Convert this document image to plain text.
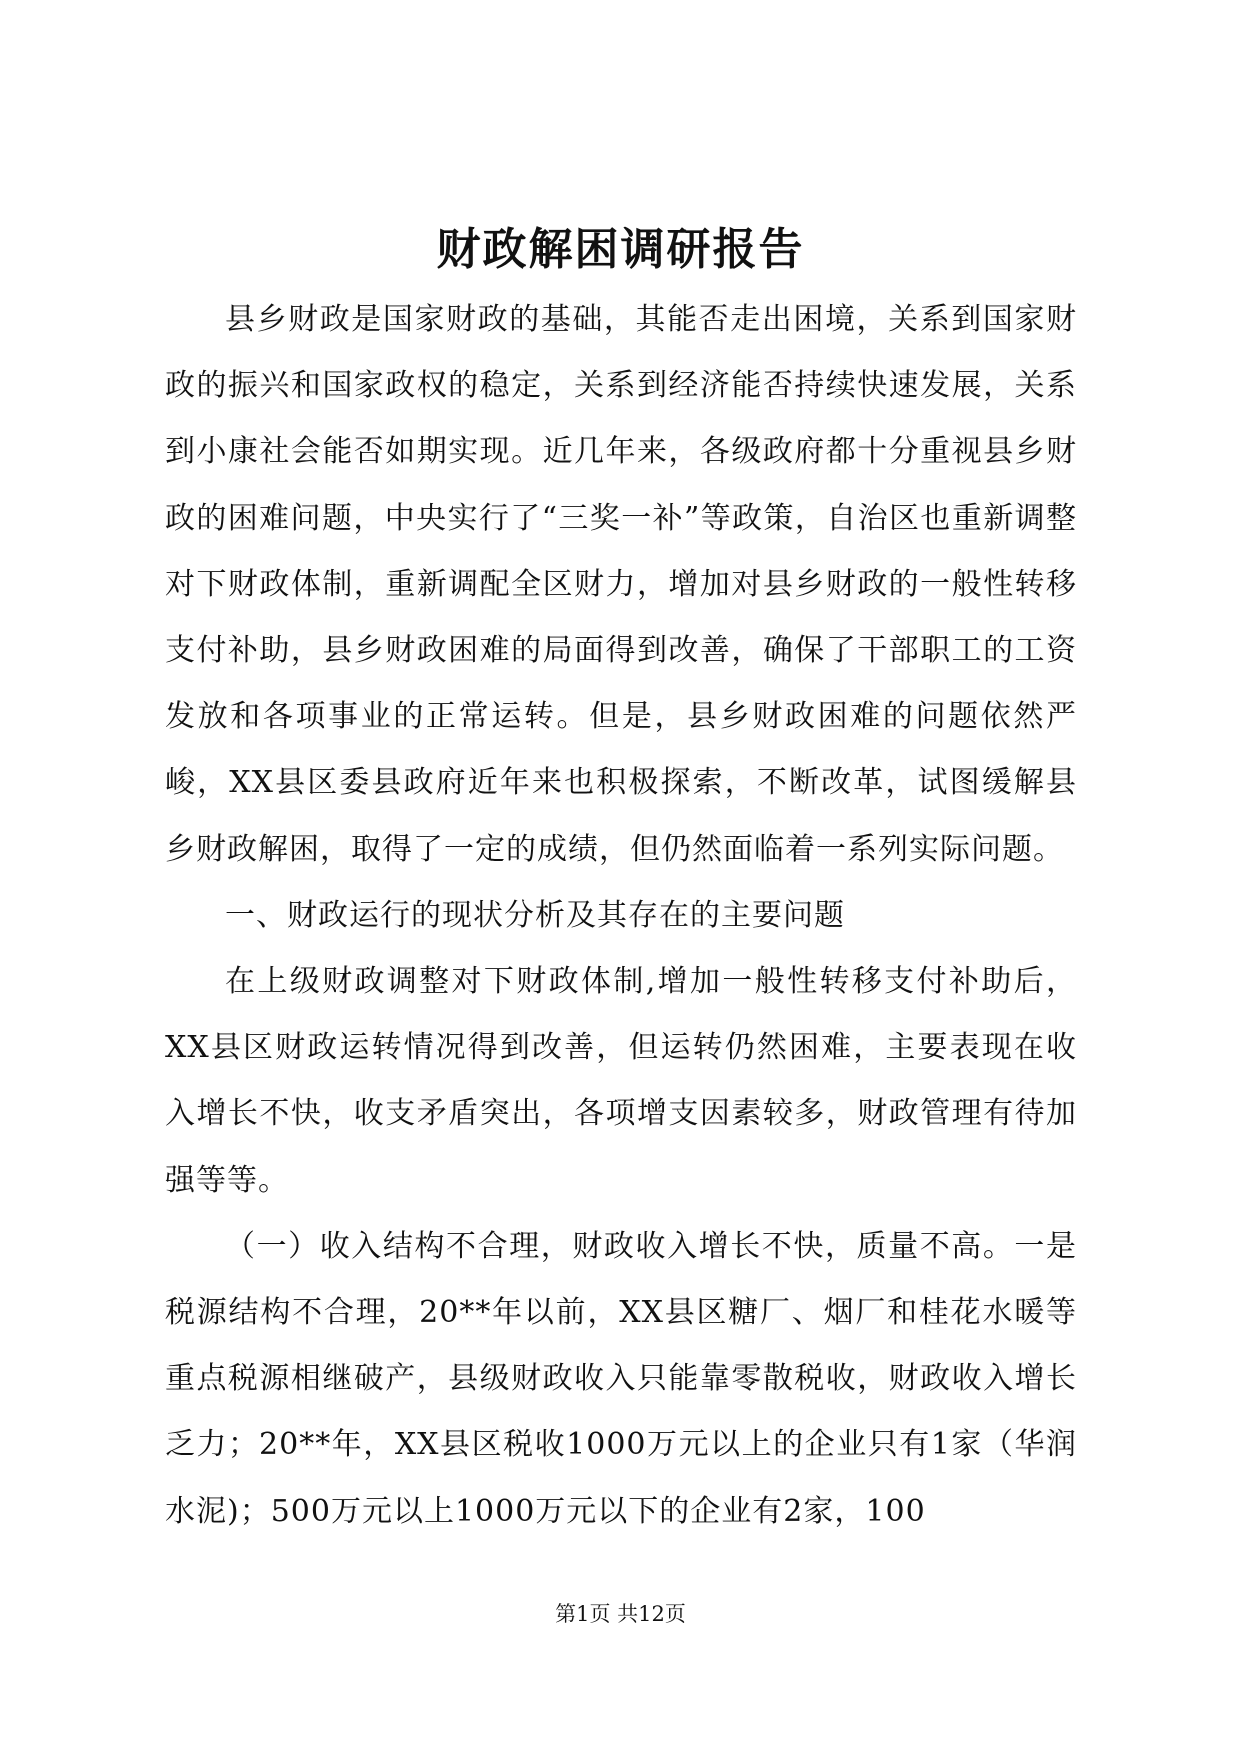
财政解困调研报告

县乡财政是国家财政的基础，其能否走出困境，关系到国家财政的振兴和国家政权的稳定，关系到经济能否持续快速发展，关系到小康社会能否如期实现。近几年来，各级政府都十分重视县乡财政的困难问题，中央实行了“三奖一补”等政策，自治区也重新调整对下财政体制，重新调配全区财力，增加对县乡财政的一般性转移支付补助，县乡财政困难的局面得到改善，确保了干部职工的工资发放和各项事业的正常运转。但是，县乡财政困难的问题依然严峻，XX县区委县政府近年来也积极探索，不断改革，试图缓解县乡财政解困，取得了一定的成绩，但仍然面临着一系列实际问题。

一、财政运行的现状分析及其存在的主要问题

在上级财政调整对下财政体制,增加一般性转移支付补助后，XX县区财政运转情况得到改善，但运转仍然困难，主要表现在收入增长不快，收支矛盾突出，各项增支因素较多，财政管理有待加强等等。

（一）收入结构不合理，财政收入增长不快，质量不高。一是税源结构不合理，20**年以前，XX县区糖厂、烟厂和桂花水暖等重点税源相继破产，县级财政收入只能靠零散税收，财政收入增长乏力；20**年，XX县区税收1000万元以上的企业只有1家（华润水泥)；500万元以上1000万元以下的企业有2家，100

第1页 共12页
